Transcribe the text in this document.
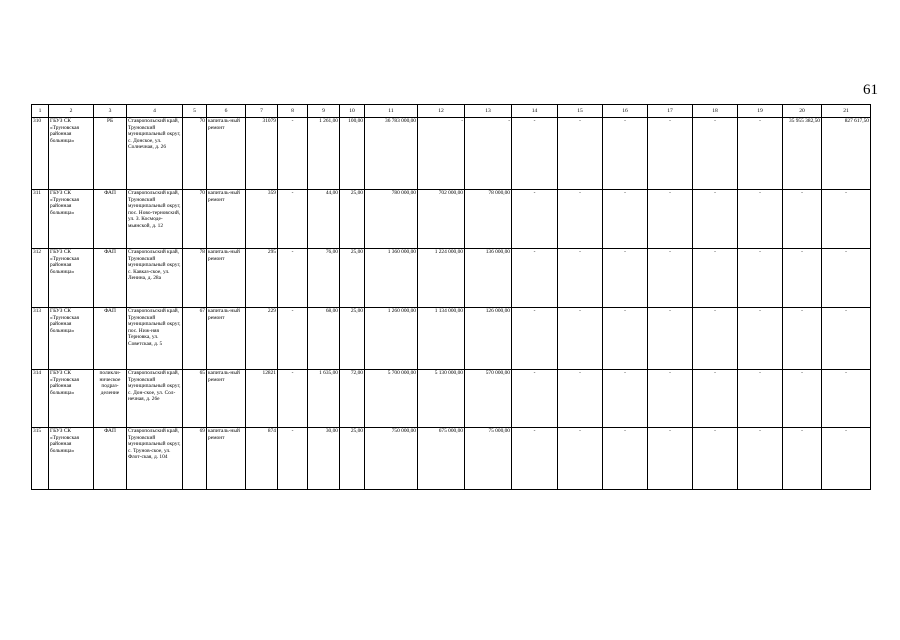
61
1	2	3	4	5	6	7	8	9	10	11	12	13	14	15	16	17	18	19	20	21
310	ГБУЗ СК «Труновская районная больница»	РБ	Ставропольский край, Труновский муниципальный округ, с. Донское, ул. Солнечная, д. 26	70	капиталь-ный ремонт	31079	-	1 261,00	100,00	36 783 000,00	-	-	-	-	-	-	-	-	35 955 382,50	827 617,50
311	ГБУЗ СК «Труновская районная больница»	ФАП	Ставропольский край, Труновский муниципальный округ, пос. Ново-терновский, ул. З. Космоде-мьянской, д. 12	70	капиталь-ный ремонт	359	-	44,00	25,00	780 000,00	702 000,00	78 000,00	-	-	-	-	-	-	-	-
312	ГБУЗ СК «Труновская районная больница»	ФАП	Ставропольский край, Труновский муниципальный округ, с. Кавказ-ское, ул. Ленина, д. 28а	78	капиталь-ный ремонт	295	-	76,00	25,00	1 360 000,00	1 224 000,00	136 000,00	-	-	-	-	-	-	-	-
313	ГБУЗ СК «Труновская районная больница»	ФАП	Ставропольский край, Труновский муниципальный округ, пос. Ниж-няя Терновка, ул. Советская, д. 5	67	капиталь-ный ремонт	229	-	68,00	25,00	1 260 000,00	1 134 000,00	126 000,00	-	-	-	-	-	-	-	-
314	ГБУЗ СК «Труновская районная больница»	поликли-ническое подраз-деление	Ставропольский край, Труновский муниципальный округ, с. Дон-ское, ул. Сол-нечная, д. 26е	65	капиталь-ный ремонт	12821	-	1 635,00	72,00	5 700 000,00	5 130 000,00	570 000,00	-	-	-	-	-	-	-	-
315	ГБУЗ СК «Труновская районная больница»	ФАП	Ставропольский край, Труновский муниципальный округ, с. Трунов-ское, ул. Флот-ская, д. 104	69	капиталь-ный ремонт	874	-	30,00	25,00	750 000,00	675 000,00	75 000,00	-	-	-	-	-	-	-	-
